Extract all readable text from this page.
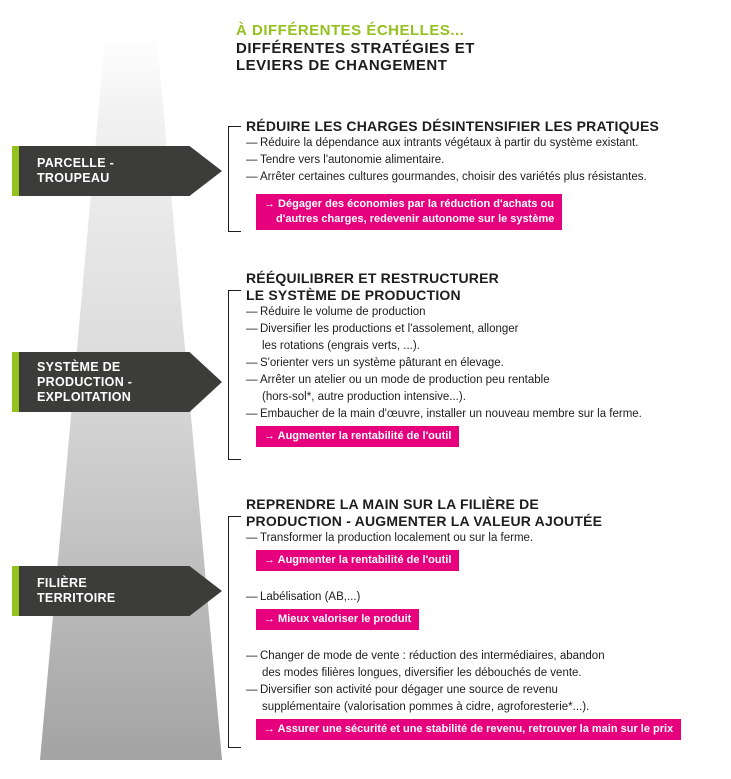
À DIFFÉRENTES ÉCHELLES...
DIFFÉRENTES STRATÉGIES ET
LEVIERS DE CHANGEMENT
PARCELLE -
TROUPEAU
SYSTÈME DE
PRODUCTION -
EXPLOITATION
FILIÈRE
TERRITOIRE
RÉDUIRE LES CHARGES DÉSINTENSIFIER LES PRATIQUES
— Réduire la dépendance aux intrants végétaux à partir du système existant.
— Tendre vers l'autonomie alimentaire.
— Arrêter certaines cultures gourmandes, choisir des variétés plus résistantes.
→ Dégager des économies par la réduction d'achats ou
d'autres charges, redevenir autonome sur le système
RÉÉQUILIBRER ET RESTRUCTURER
LE SYSTÈME DE PRODUCTION
— Réduire le volume de production
— Diversifier les productions et l'assolement, allonger
les rotations (engrais verts, ...).
— S'orienter vers un système pâturant en élevage.
— Arrêter un atelier ou un mode de production peu rentable
(hors-sol*, autre production intensive...).
— Embaucher de la main d'œuvre, installer un nouveau membre sur la ferme.
→ Augmenter la rentabilité de l'outil
REPRENDRE LA MAIN SUR LA FILIÈRE DE
PRODUCTION - AUGMENTER LA VALEUR AJOUTÉE
— Transformer la production localement ou sur la ferme.
→ Augmenter la rentabilité de l'outil
— Labélisation (AB,...)
→ Mieux valoriser le produit
— Changer de mode de vente : réduction des intermédiaires, abandon
des modes filières longues, diversifier les débouchés de vente.
— Diversifier son activité pour dégager une source de revenu
supplémentaire (valorisation pommes à cidre, agroforesterie*...).
→ Assurer une sécurité et une stabilité de revenu, retrouver la main sur le prix
